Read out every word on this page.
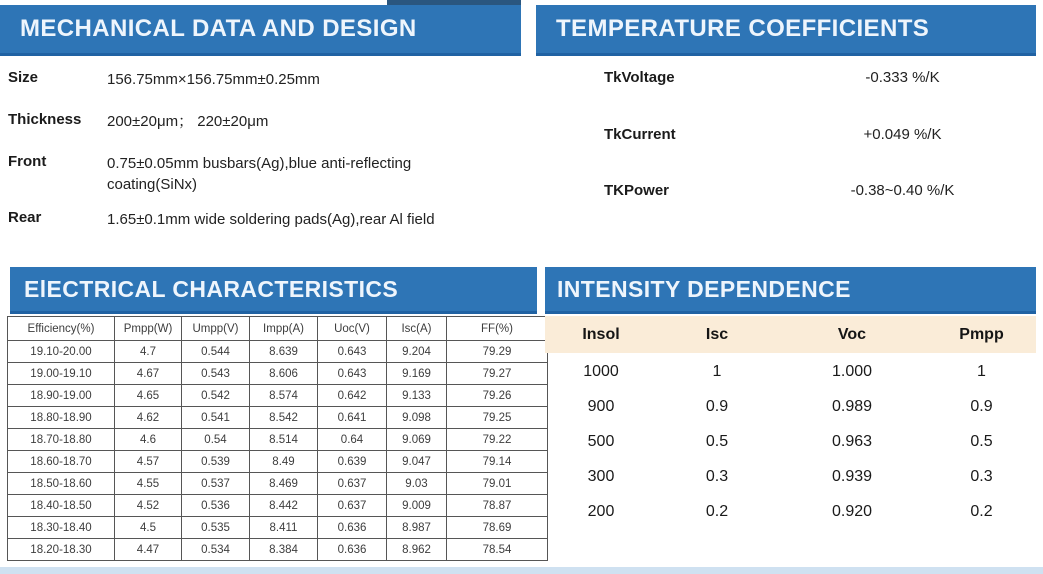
MECHANICAL DATA AND DESIGN	TEMPERATURE COEFFICIENTS
ElECTRICAL CHARACTERISTICS	INTENSITY DEPENDENCE
Size	156.75mm×156.75mm±0.25mm
Thickness	200±20μm； 220±20μm
Front	0.75±0.05mm busbars(Ag),blue anti-reflecting coating(SiNx)
Rear	1.65±0.1mm wide soldering pads(Ag),rear Al field
TkVoltage	-0.333 %/K
TkCurrent	+0.049 %/K
TKPower	-0.38~0.40 %/K
Efficiency(%)	Pmpp(W)	Umpp(V)	Impp(A)	Uoc(V)	Isc(A)	FF(%)
19.10-20.00	4.7	0.544	8.639	0.643	9.204	79.29
19.00-19.10	4.67	0.543	8.606	0.643	9.169	79.27
18.90-19.00	4.65	0.542	8.574	0.642	9.133	79.26
18.80-18.90	4.62	0.541	8.542	0.641	9.098	79.25
18.70-18.80	4.6	0.54	8.514	0.64	9.069	79.22
18.60-18.70	4.57	0.539	8.49	0.639	9.047	79.14
18.50-18.60	4.55	0.537	8.469	0.637	9.03	79.01
18.40-18.50	4.52	0.536	8.442	0.637	9.009	78.87
18.30-18.40	4.5	0.535	8.411	0.636	8.987	78.69
18.20-18.30	4.47	0.534	8.384	0.636	8.962	78.54
Insol	Isc	Voc	Pmpp
1000	1	1.000	1
900	0.9	0.989	0.9
500	0.5	0.963	0.5
300	0.3	0.939	0.3
200	0.2	0.920	0.2
